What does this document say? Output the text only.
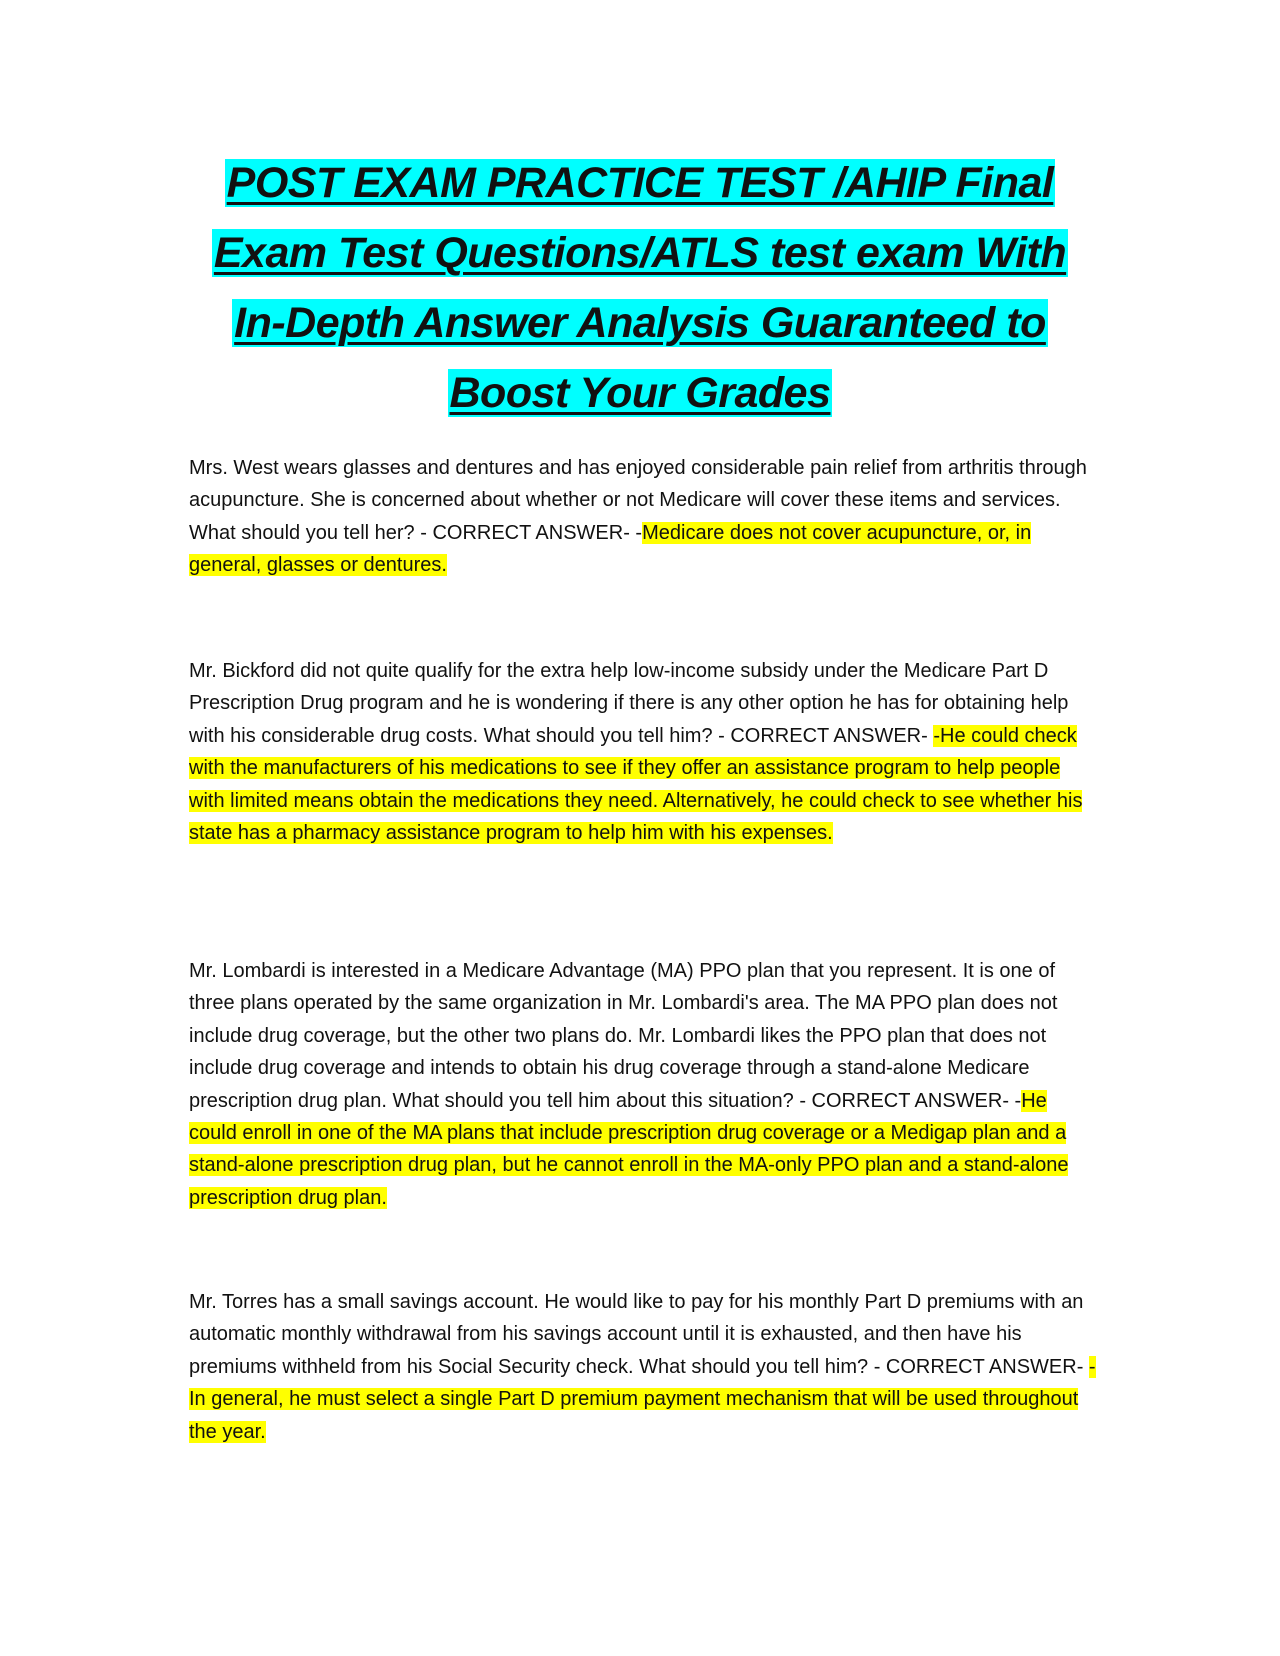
POST EXAM PRACTICE TEST /AHIP Final
Exam Test Questions/ATLS test exam With
In-Depth Answer Analysis Guaranteed to
Boost Your Grades

Mrs. West wears glasses and dentures and has enjoyed considerable pain relief from arthritis through acupuncture. She is concerned about whether or not Medicare will cover these items and services. What should you tell her? - CORRECT ANSWER- -Medicare does not cover acupuncture, or, in general, glasses or dentures.

Mr. Bickford did not quite qualify for the extra help low-income subsidy under the Medicare Part D Prescription Drug program and he is wondering if there is any other option he has for obtaining help with his considerable drug costs. What should you tell him? - CORRECT ANSWER- -He could check with the manufacturers of his medications to see if they offer an assistance program to help people with limited means obtain the medications they need. Alternatively, he could check to see whether his state has a pharmacy assistance program to help him with his expenses.

Mr. Lombardi is interested in a Medicare Advantage (MA) PPO plan that you represent. It is one of three plans operated by the same organization in Mr. Lombardi's area. The MA PPO plan does not include drug coverage, but the other two plans do. Mr. Lombardi likes the PPO plan that does not include drug coverage and intends to obtain his drug coverage through a stand-alone Medicare prescription drug plan. What should you tell him about this situation? - CORRECT ANSWER- -He could enroll in one of the MA plans that include prescription drug coverage or a Medigap plan and a stand-alone prescription drug plan, but he cannot enroll in the MA-only PPO plan and a stand-alone prescription drug plan.

Mr. Torres has a small savings account. He would like to pay for his monthly Part D premiums with an automatic monthly withdrawal from his savings account until it is exhausted, and then have his premiums withheld from his Social Security check. What should you tell him? - CORRECT ANSWER- -In general, he must select a single Part D premium payment mechanism that will be used throughout the year.
